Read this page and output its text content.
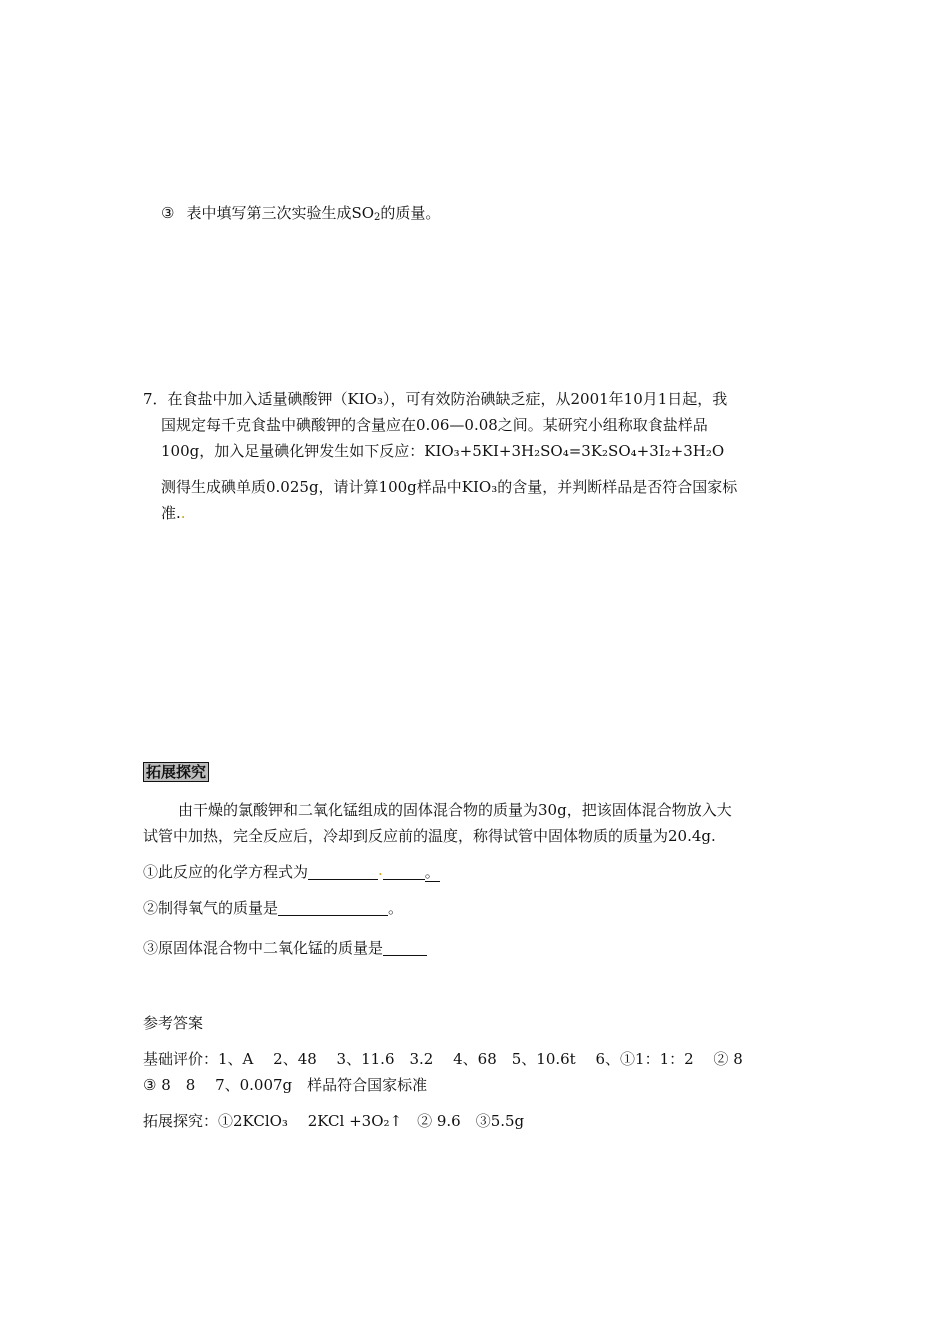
③ 表中填写第三次实验生成$SO_2$的质量。
7．在食盐中加入适量碘酸钾（KIO₃），可有效防治碘缺乏症，从2001年10月1日起，我
国规定每千克食盐中碘酸钾的含量应在0.06—0.08之间。某研究小组称取食盐样品
100g，加入足量碘化钾发生如下反应：KIO₃+5KI+3H₂SO₄=3K₂SO₄+3I₂+3H₂O
测得生成碘单质0.025g，请计算100g样品中KIO₃的含量，并判断样品是否符合国家标
准..
拓展探究
由干燥的氯酸钾和二氧化锰组成的固体混合物的质量为30g，把该固体混合物放入大
试管中加热，完全反应后，冷却到反应前的温度，称得试管中固体物质的质量为20.4g.
①此反应的化学方程式为	.	。
②制得氧气的质量是	。
③原固体混合物中二氧化锰的质量是
参考答案
基础评价：1、A　 2、48　 3、11.6　3.2　 4、68　5、10.6t　 6、①1：1：2　 ② 8
③ 8　8　 7、0.007g　样品符合国家标准
拓展探究：①2KClO₃　 2KCl +3O₂↑　② 9.6　③5.5g
